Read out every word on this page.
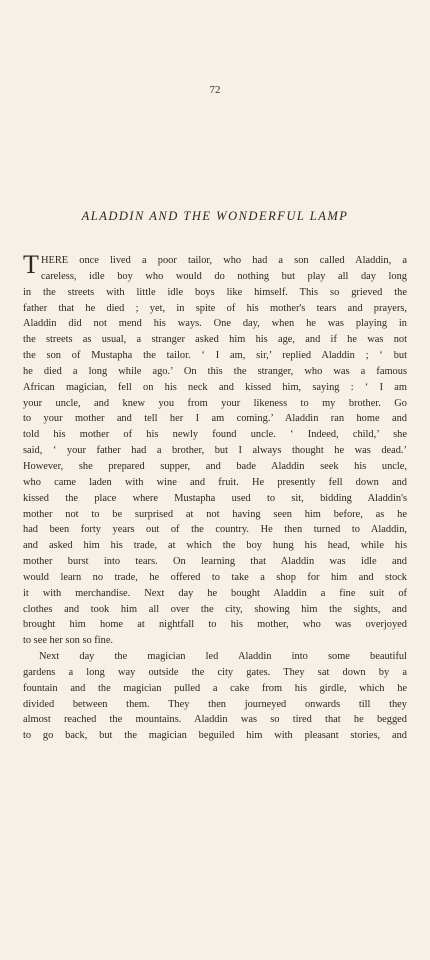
72
ALADDIN AND THE WONDERFUL LAMP
T HERE once lived a poor tailor, who had a son called Aladdin, a
careless, idle boy who would do nothing but play all day long
in the streets with little idle boys like himself. This so grieved the
father that he died ; yet, in spite of his mother's tears and prayers,
Aladdin did not mend his ways. One day, when he was playing in
the streets as usual, a stranger asked him his age, and if he was not
the son of Mustapha the tailor. ‘ I am, sir,’ replied Aladdin ; ‘ but
he died a long while ago.’ On this the stranger, who was a famous
African magician, fell on his neck and kissed him, saying : ‘ I am
your uncle, and knew you from your likeness to my brother. Go
to your mother and tell her I am coming.’ Aladdin ran home and
told his mother of his newly found uncle. ‘ Indeed, child,’ she
said, ‘ your father had a brother, but I always thought he was dead.’
However, she prepared supper, and bade Aladdin seek his uncle,
who came laden with wine and fruit. He presently fell down and
kissed the place where Mustapha used to sit, bidding Aladdin's
mother not to be surprised at not having seen him before, as he
had been forty years out of the country. He then turned to Aladdin,
and asked him his trade, at which the boy hung his head, while his
mother burst into tears. On learning that Aladdin was idle and
would learn no trade, he offered to take a shop for him and stock
it with merchandise. Next day he bought Aladdin a fine suit of
clothes and took him all over the city, showing him the sights, and
brought him home at nightfall to his mother, who was overjoyed
to see her son so fine.
Next day the magician led Aladdin into some beautiful
gardens a long way outside the city gates. They sat down by a
fountain and the magician pulled a cake from his girdle, which he
divided between them. They then journeyed onwards till they
almost reached the mountains. Aladdin was so tired that he begged
to go back, but the magician beguiled him with pleasant stories, and
